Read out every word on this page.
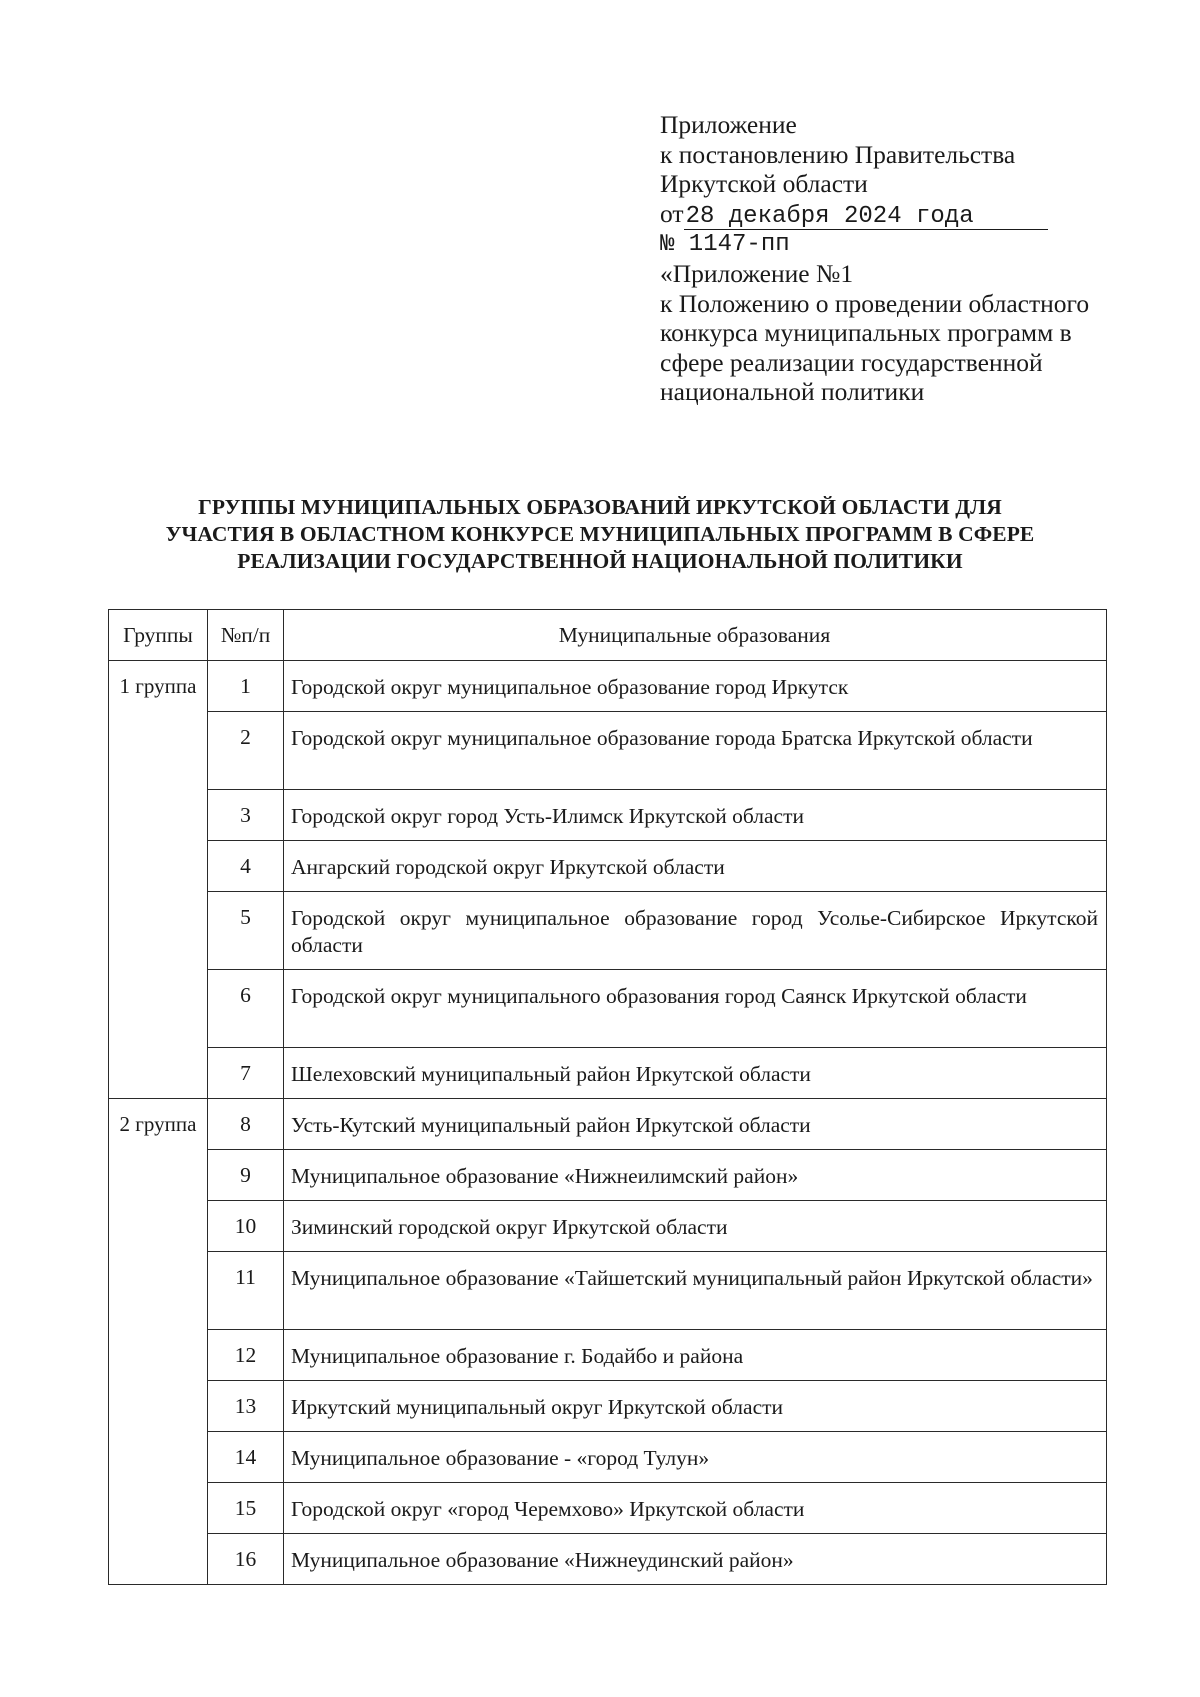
Приложение
к постановлению Правительства
Иркутской области
от28 декабря 2024 года
№ 1147-пп
«Приложение №1
к Положению о проведении областного
конкурса муниципальных программ в
сфере реализации государственной
национальной политики
ГРУППЫ МУНИЦИПАЛЬНЫХ ОБРАЗОВАНИЙ ИРКУТСКОЙ ОБЛАСТИ ДЛЯ
УЧАСТИЯ В ОБЛАСТНОМ КОНКУРСЕ МУНИЦИПАЛЬНЫХ ПРОГРАММ В СФЕРЕ
РЕАЛИЗАЦИИ ГОСУДАРСТВЕННОЙ НАЦИОНАЛЬНОЙ ПОЛИТИКИ
Группы	№п/п	Муниципальные образования
1 группа	1	Городской округ муниципальное образование город Иркутск
	2	Городской округ муниципальное образование города Братска Иркутской области
	3	Городской округ город Усть-Илимск Иркутской области
	4	Ангарский городской округ Иркутской области
	5	Городской округ муниципальное образование город Усолье-Сибирское Иркутской области
	6	Городской округ муниципального образования город Саянск Иркутской области
	7	Шелеховский муниципальный район Иркутской области
2 группа	8	Усть-Кутский муниципальный район Иркутской области
	9	Муниципальное образование «Нижнеилимский район»
	10	Зиминский городской округ Иркутской области
	11	Муниципальное образование «Тайшетский муниципальный район Иркутской области»
	12	Муниципальное образование г. Бодайбо и района
	13	Иркутский муниципальный округ Иркутской области
	14	Муниципальное образование - «город Тулун»
	15	Городской округ «город Черемхово» Иркутской области
	16	Муниципальное образование «Нижнеудинский район»
